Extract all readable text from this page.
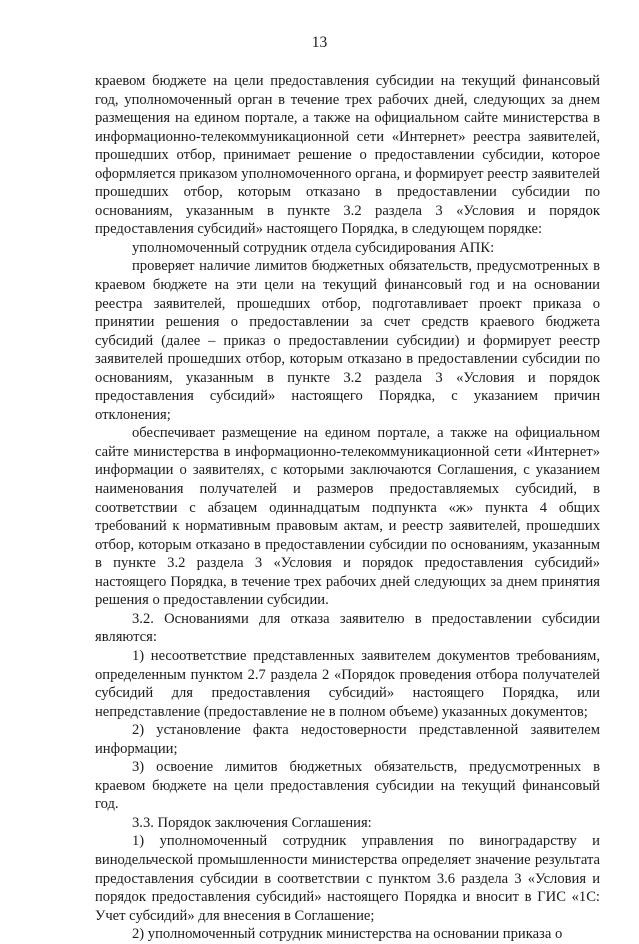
13

краевом бюджете на цели предоставления субсидии на текущий финансовый год, уполномоченный орган в течение трех рабочих дней, следующих за днем размещения на едином портале, а также на официальном сайте министерства в информационно-телекоммуникационной сети «Интернет» реестра заявителей, прошедших отбор, принимает решение о предоставлении субсидии, которое оформляется приказом уполномоченного органа, и формирует реестр заявителей прошедших отбор, которым отказано в предоставлении субсидии по основаниям, указанным в пункте 3.2 раздела 3 «Условия и порядок предоставления субсидий» настоящего Порядка, в следующем порядке:

уполномоченный сотрудник отдела субсидирования АПК:

проверяет наличие лимитов бюджетных обязательств, предусмотренных в краевом бюджете на эти цели на текущий финансовый год и на основании реестра заявителей, прошедших отбор, подготавливает проект приказа о принятии решения о предоставлении за счет средств краевого бюджета субсидий (далее – приказ о предоставлении субсидии) и формирует реестр заявителей прошедших отбор, которым отказано в предоставлении субсидии по основаниям, указанным в пункте 3.2 раздела 3 «Условия и порядок предоставления субсидий» настоящего Порядка, с указанием причин отклонения;

обеспечивает размещение на едином портале, а также на официальном сайте министерства в информационно-телекоммуникационной сети «Интернет» информации о заявителях, с которыми заключаются Соглашения, с указанием наименования получателей и размеров предоставляемых субсидий, в соответствии с абзацем одиннадцатым подпункта «ж» пункта 4 общих требований к нормативным правовым актам, и реестр заявителей, прошедших отбор, которым отказано в предоставлении субсидии по основаниям, указанным в пункте 3.2 раздела 3 «Условия и порядок предоставления субсидий» настоящего Порядка, в течение трех рабочих дней следующих за днем принятия решения о предоставлении субсидии.

3.2. Основаниями для отказа заявителю в предоставлении субсидии являются:

1) несоответствие представленных заявителем документов требованиям, определенным пунктом 2.7 раздела 2 «Порядок проведения отбора получателей субсидий для предоставления субсидий» настоящего Порядка, или непредставление (предоставление не в полном объеме) указанных документов;

2) установление факта недостоверности представленной заявителем информации;

3) освоение лимитов бюджетных обязательств, предусмотренных в краевом бюджете на цели предоставления субсидии на текущий финансовый год.

3.3. Порядок заключения Соглашения:

1) уполномоченный сотрудник управления по виноградарству и винодельческой промышленности министерства определяет значение результата предоставления субсидии в соответствии с пунктом 3.6 раздела 3 «Условия и порядок предоставления субсидий» настоящего Порядка и вносит в ГИС «1С: Учет субсидий» для внесения в Соглашение;

2) уполномоченный сотрудник министерства на основании приказа о
